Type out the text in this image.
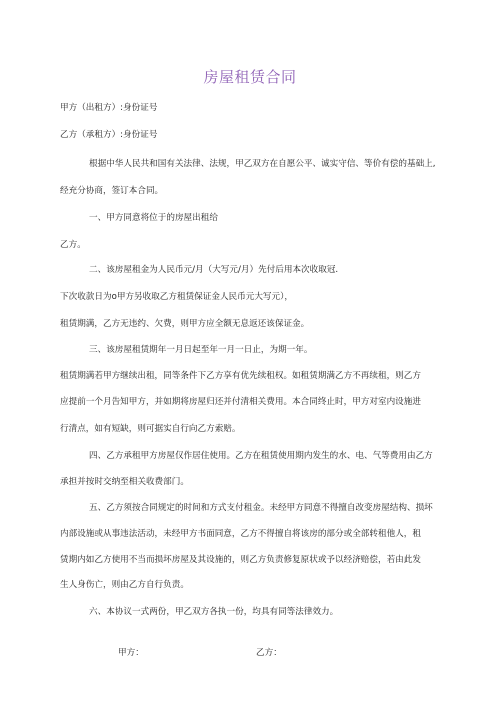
房屋租赁合同
甲方（出租方）:身份证号
乙方（承租方）:身份证号
根据中华人民共和国有关法律、法规，甲乙双方在自愿公平、诚实守信、等价有偿的基础上,
经充分协商，签订本合同。
一、甲方同意将位于的房屋出租给
乙方。
二、该房屋租金为人民币元/月（大写元/月）先付后用本次收取冠.
下次收款日为o甲方另收取乙方租赁保证金人民币元大写元），
租赁期满，乙方无违约、欠费，则甲方应全额无息返还该保证金。
三、该房屋租赁期年一月日起至年一月一日止，为期一年。
租赁期满若甲方继续出租，同等条件下乙方享有优先续租权。如租赁期满乙方不再续租，则乙方
应提前一个月告知甲方，并如期将房屋归还并付清相关费用。本合同终止时，甲方对室内设施进
行清点，如有短缺，则可据实自行向乙方索赔。
四、乙方承租甲方房屋仅作居住使用。乙方在租赁使用期内发生的水、电、气等费用由乙方
承担并按时交纳至相关收费部门。
五、乙方须按合同规定的时间和方式支付租金。未经甲方同意不得擅自改变房屋结构、损坏
内部设施或从事违法活动，未经甲方书面同意，乙方不得擅自将该房的部分或全部转租他人，租
赁期内如乙方使用不当而损坏房屋及其设施的，则乙方负责修复原状或予以经济赔偿，若由此发
生人身伤亡，则由乙方自行负责。
六、本协议一式两份，甲乙双方各执一份，均具有同等法律效力。
甲方：	乙方：
